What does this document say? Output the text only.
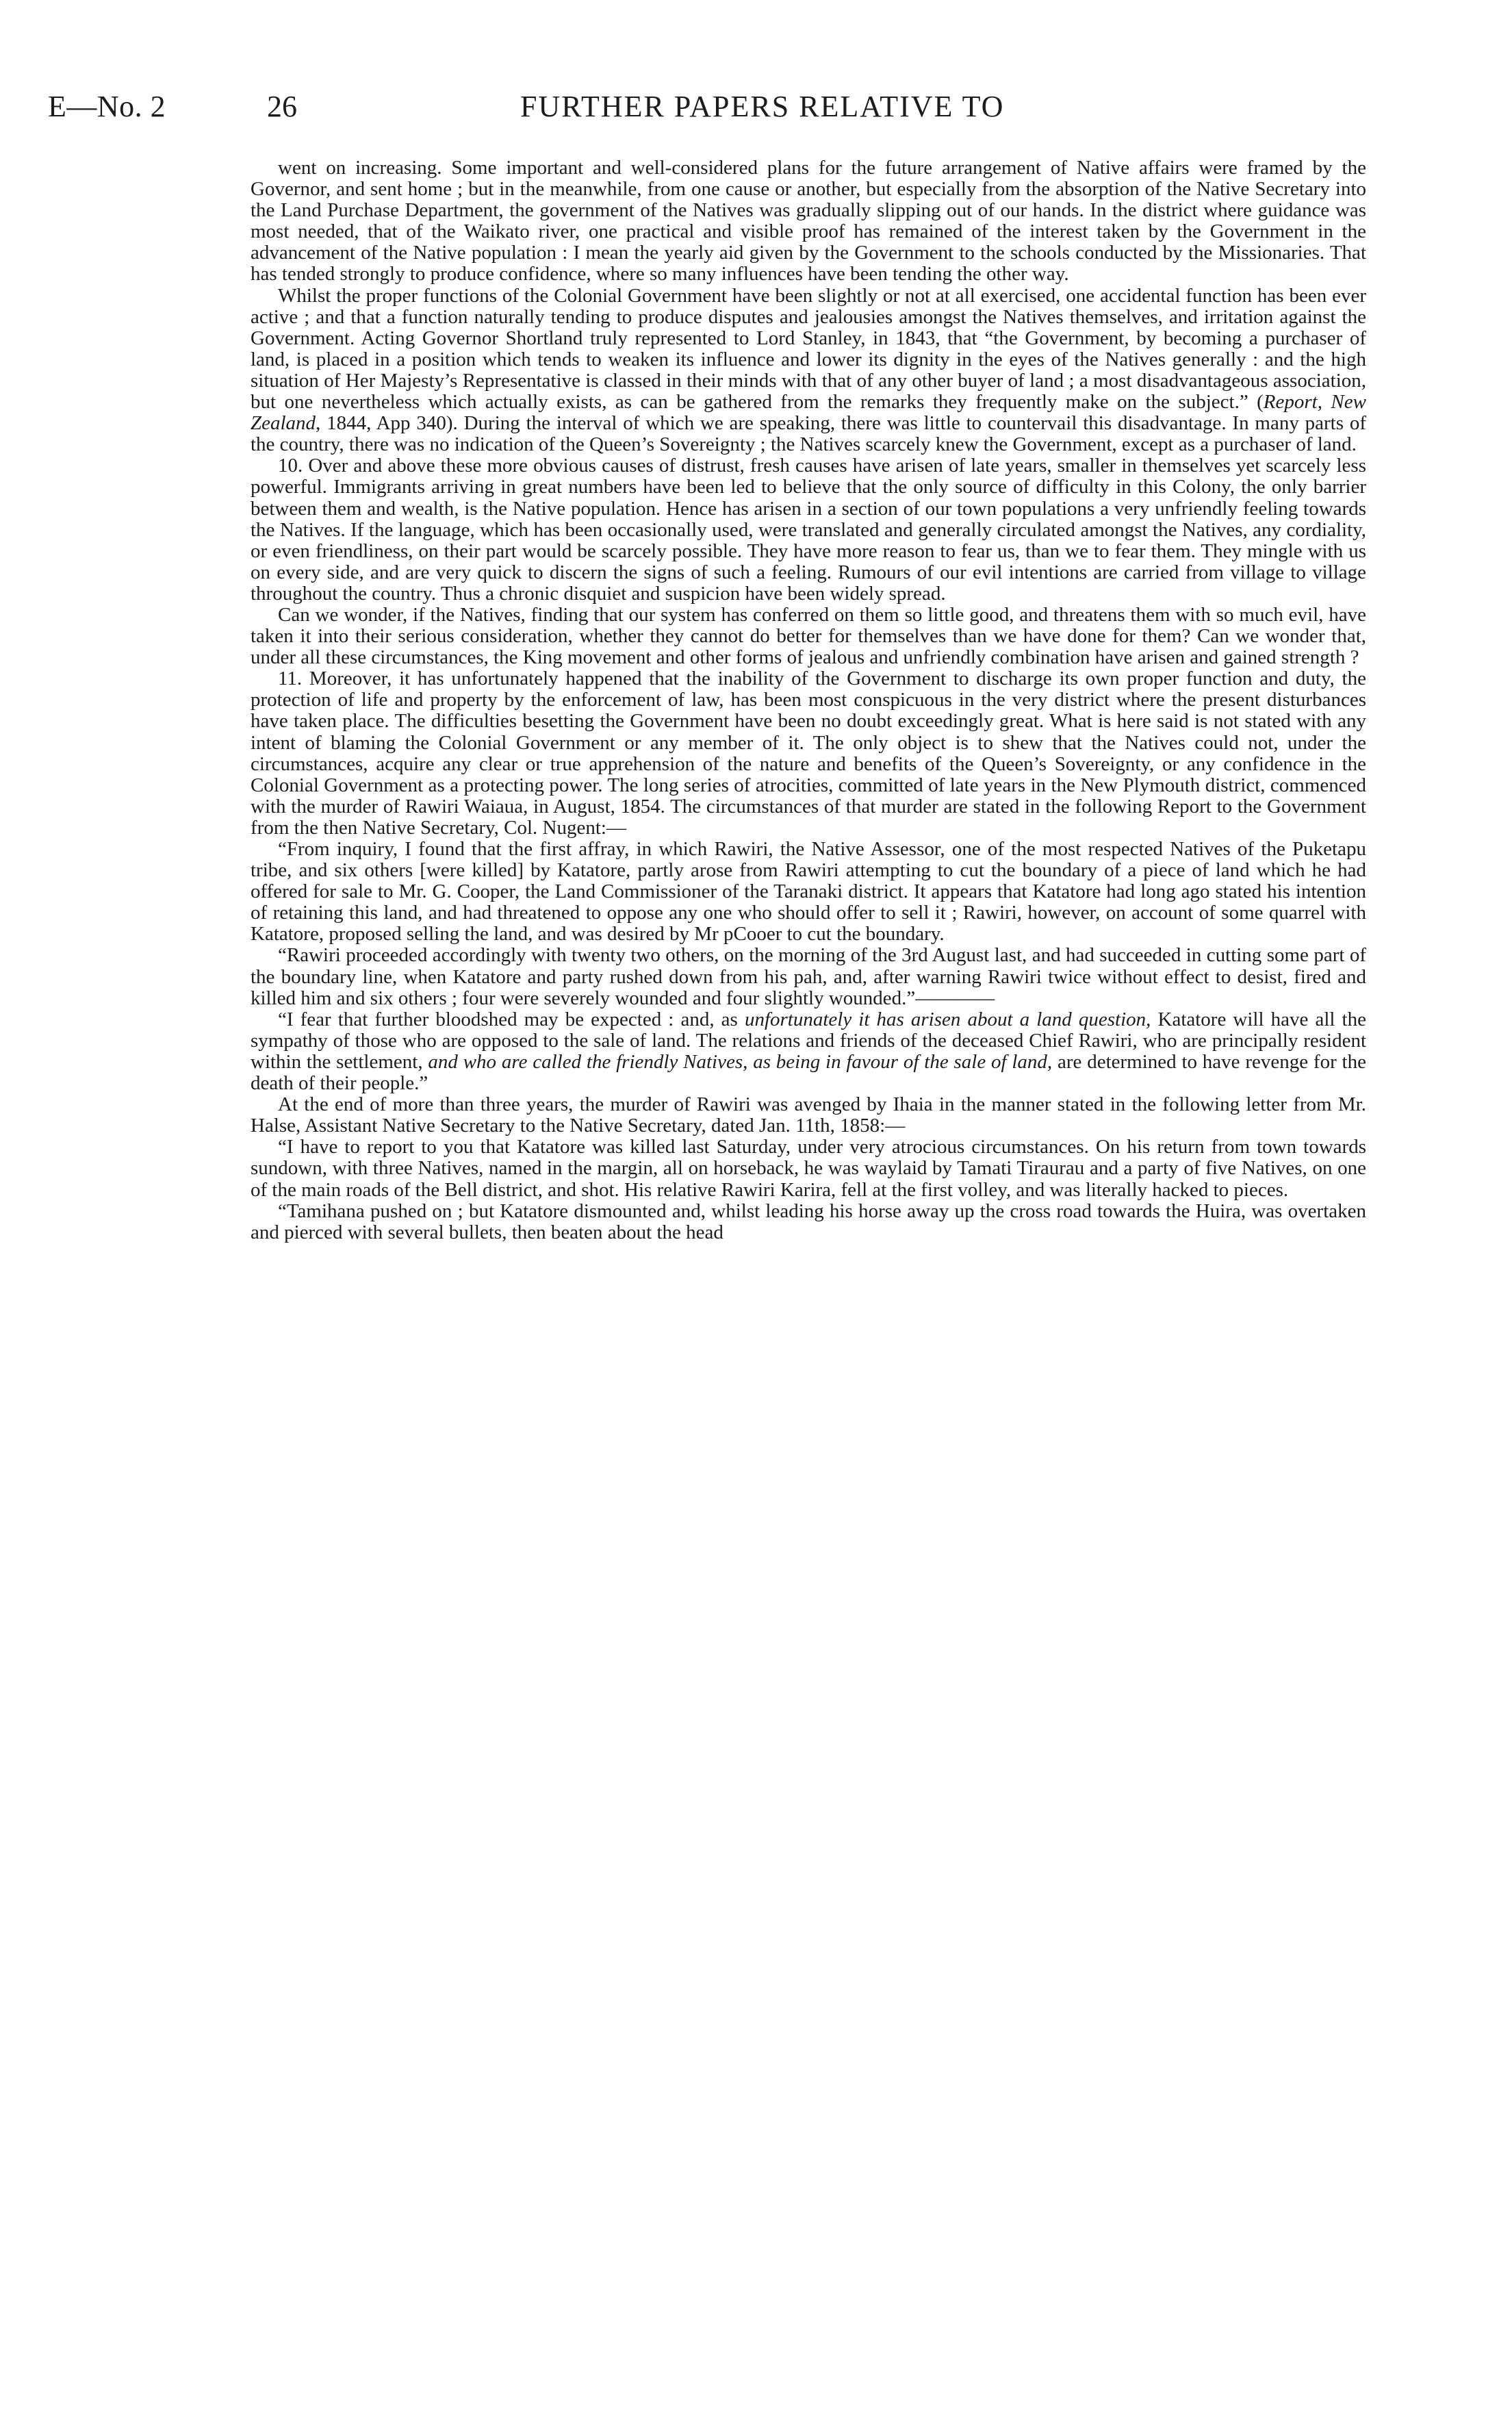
E—No. 2	26	FURTHER PAPERS RELATIVE TO

went on increasing. Some important and well-considered plans for the future arrangement of Native affairs were framed by the Governor, and sent home ; but in the meanwhile, from one cause or another, but especially from the absorption of the Native Secretary into the Land Purchase Department, the government of the Natives was gradually slipping out of our hands. In the district where guidance was most needed, that of the Waikato river, one practical and visible proof has remained of the interest taken by the Government in the advancement of the Native population : I mean the yearly aid given by the Government to the schools conducted by the Missionaries. That has tended strongly to produce confidence, where so many influences have been tending the other way.

Whilst the proper functions of the Colonial Government have been slightly or not at all exercised, one accidental function has been ever active ; and that a function naturally tending to produce disputes and jealousies amongst the Natives themselves, and irritation against the Government. Acting Governor Shortland truly represented to Lord Stanley, in 1843, that “the Government, by becoming a purchaser of land, is placed in a position which tends to weaken its influence and lower its dignity in the eyes of the Natives generally : and the high situation of Her Majesty’s Representative is classed in their minds with that of any other buyer of land ; a most disadvantageous association, but one nevertheless which actually exists, as can be gathered from the remarks they frequently make on the subject.” (Report, New Zealand, 1844, App 340). During the interval of which we are speaking, there was little to countervail this disadvantage. In many parts of the country, there was no indication of the Queen’s Sovereignty ; the Natives scarcely knew the Government, except as a purchaser of land.

10. Over and above these more obvious causes of distrust, fresh causes have arisen of late years, smaller in themselves yet scarcely less powerful. Immigrants arriving in great numbers have been led to believe that the only source of difficulty in this Colony, the only barrier between them and wealth, is the Native population. Hence has arisen in a section of our town populations a very unfriendly feeling towards the Natives. If the language, which has been occasionally used, were translated and generally circulated amongst the Natives, any cordiality, or even friendliness, on their part would be scarcely possible. They have more reason to fear us, than we to fear them. They mingle with us on every side, and are very quick to discern the signs of such a feeling. Rumours of our evil intentions are carried from village to village throughout the country. Thus a chronic disquiet and suspicion have been widely spread.

Can we wonder, if the Natives, finding that our system has conferred on them so little good, and threatens them with so much evil, have taken it into their serious consideration, whether they cannot do better for themselves than we have done for them? Can we wonder that, under all these circumstances, the King movement and other forms of jealous and unfriendly combination have arisen and gained strength ?

11. Moreover, it has unfortunately happened that the inability of the Government to discharge its own proper function and duty, the protection of life and property by the enforcement of law, has been most conspicuous in the very district where the present disturbances have taken place. The difficulties besetting the Government have been no doubt exceedingly great. What is here said is not stated with any intent of blaming the Colonial Government or any member of it. The only object is to shew that the Natives could not, under the circumstances, acquire any clear or true apprehension of the nature and benefits of the Queen’s Sovereignty, or any confidence in the Colonial Government as a protecting power. The long series of atrocities, committed of late years in the New Plymouth district, commenced with the murder of Rawiri Waiaua, in August, 1854. The circumstances of that murder are stated in the following Report to the Government from the then Native Secretary, Col. Nugent:—

“From inquiry, I found that the first affray, in which Rawiri, the Native Assessor, one of the most respected Natives of the Puketapu tribe, and six others [were killed] by Katatore, partly arose from Rawiri attempting to cut the boundary of a piece of land which he had offered for sale to Mr. G. Cooper, the Land Commissioner of the Taranaki district. It appears that Katatore had long ago stated his intention of retaining this land, and had threatened to oppose any one who should offer to sell it ; Rawiri, however, on account of some quarrel with Katatore, proposed selling the land, and was desired by Mr pCooer to cut the boundary.

“Rawiri proceeded accordingly with twenty two others, on the morning of the 3rd August last, and had succeeded in cutting some part of the boundary line, when Katatore and party rushed down from his pah, and, after warning Rawiri twice without effect to desist, fired and killed him and six others ; four were severely wounded and four slightly wounded.”————

“I fear that further bloodshed may be expected : and, as unfortunately it has arisen about a land question, Katatore will have all the sympathy of those who are opposed to the sale of land. The relations and friends of the deceased Chief Rawiri, who are principally resident within the settlement, and who are called the friendly Natives, as being in favour of the sale of land, are determined to have revenge for the death of their people.”

At the end of more than three years, the murder of Rawiri was avenged by Ihaia in the manner stated in the following letter from Mr. Halse, Assistant Native Secretary to the Native Secretary, dated Jan. 11th, 1858:—

“I have to report to you that Katatore was killed last Saturday, under very atrocious circumstances. On his return from town towards sundown, with three Natives, named in the margin, all on horseback, he was waylaid by Tamati Tiraurau and a party of five Natives, on one of the main roads of the Bell district, and shot. His relative Rawiri Karira, fell at the first volley, and was literally hacked to pieces.

“Tamihana pushed on ; but Katatore dismounted and, whilst leading his horse away up the cross road towards the Huira, was overtaken and pierced with several bullets, then beaten about the head
